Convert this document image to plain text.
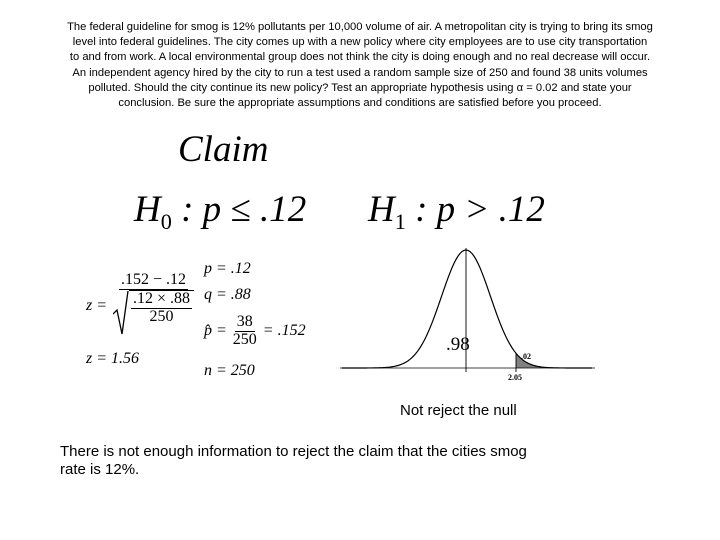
The federal guideline for smog is 12% pollutants per 10,000 volume of air. A metropolitan city is trying to bring its smog
level into federal guidelines. The city comes up with a new policy where city employees are to use city transportation
to and from work. A local environmental group does not think the city is doing enough and no real decrease will occur.
An independent agency hired by the city to run a test used a random sample size of 250 and found 38 units volumes
polluted. Should the city continue its new policy? Test an appropriate hypothesis using α = 0.02 and state your
conclusion. Be sure the appropriate assumptions and conditions are satisfied before you proceed.
Claim
$H_0$ : p ≤ .12 $H_1$ : p > .12
$z = \frac{.152 - .12}{\frac{.12 \times .88}{250}}$
z = 1.56
p = .12
q = .88
p̂ = $\frac{38}{250} = .152$
n = 250
.98
.02
2.05
Not reject the null
There is not enough information to reject the claim that the cities smog
rate is 12%.
